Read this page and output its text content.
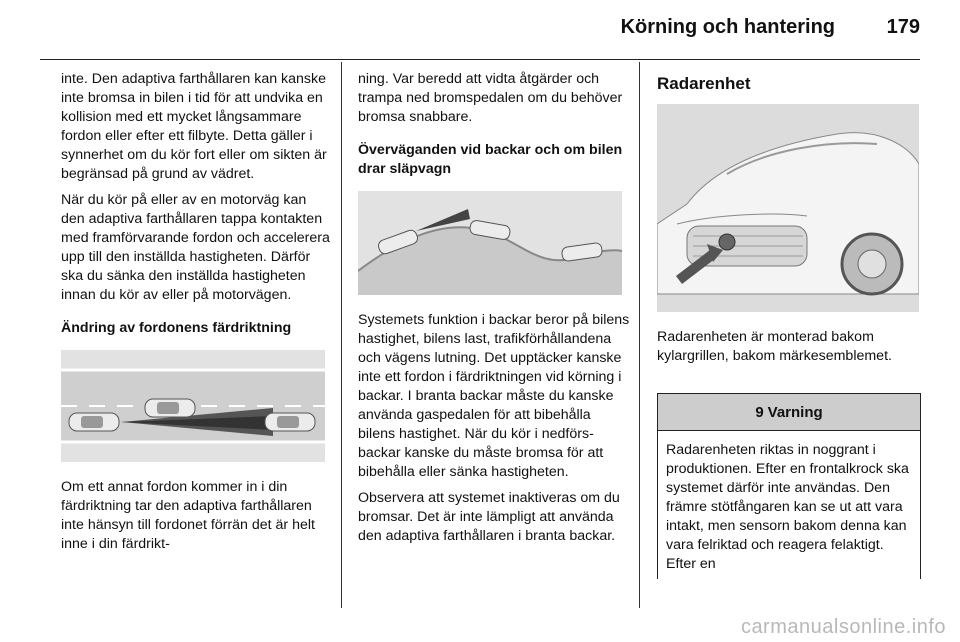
Körning och hantering	179

inte. Den adaptiva farthållaren kan kanske inte bromsa in bilen i tid för att undvika en kollision med ett mycket långsammare fordon eller efter ett filbyte. Detta gäller i synnerhet om du kör fort eller om sikten är begränsad på grund av vädret.

När du kör på eller av en motorväg kan den adaptiva farthållaren tappa kontakten med framförvarande fordon och accelerera upp till den inställda hastigheten. Därför ska du sänka den inställda hastigheten innan du kör av eller på motorvägen.

Ändring av fordonens färdriktning

Om ett annat fordon kommer in i din färdriktning tar den adaptiva farthållaren inte hänsyn till fordonet förrän det är helt inne i din färdrikt-

ning. Var beredd att vidta åtgärder och trampa ned bromspedalen om du behöver bromsa snabbare.

Överväganden vid backar och om bilen drar släpvagn

Systemets funktion i backar beror på bilens hastighet, bilens last, trafikförhållandena och vägens lutning. Det upptäcker kanske inte ett fordon i färdriktningen vid körning i backar. I branta backar måste du kanske använda gaspedalen för att bibehålla bilens hastighet. När du kör i nedförsbackar kanske du måste bromsa för att bibehålla eller sänka hastigheten.

Observera att systemet inaktiveras om du bromsar. Det är inte lämpligt att använda den adaptiva farthållaren i branta backar.

Radarenhet

Radarenheten är monterad bakom kylargrillen, bakom märkesemblemet.

9 Varning

Radarenheten riktas in noggrant i produktionen. Efter en frontalkrock ska systemet därför inte användas. Den främre stötfångaren kan se ut att vara intakt, men sensorn bakom denna kan vara felriktad och reagera felaktigt. Efter en

carmanualsonline.info
